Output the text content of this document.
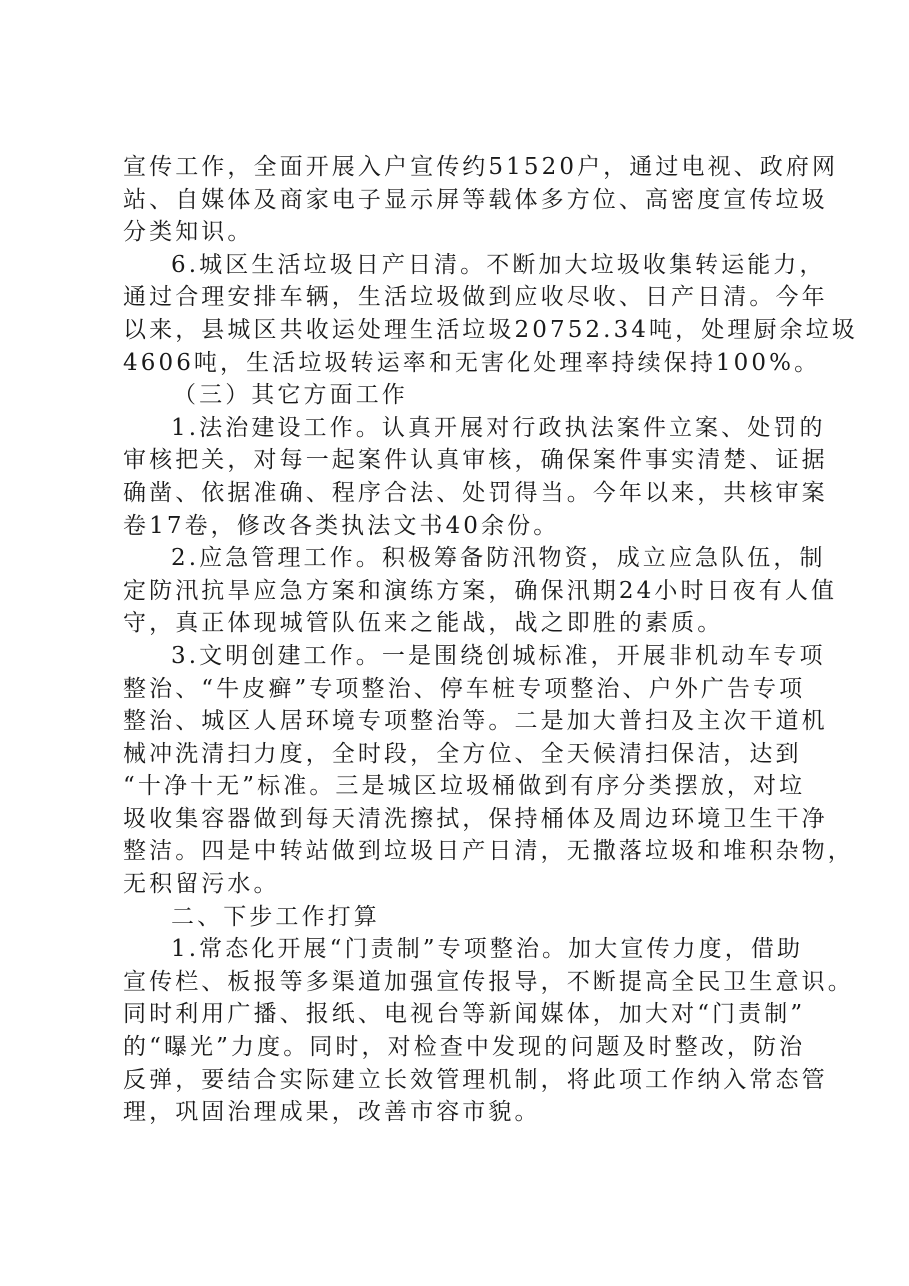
宣传工作，全面开展入户宣传约51520户，通过电视、政府网
站、自媒体及商家电子显示屏等载体多方位、高密度宣传垃圾
分类知识。
6.城区生活垃圾日产日清。不断加大垃圾收集转运能力，
通过合理安排车辆，生活垃圾做到应收尽收、日产日清。今年
以来，县城区共收运处理生活垃圾20752.34吨，处理厨余垃圾
4606吨，生活垃圾转运率和无害化处理率持续保持100%。
（三）其它方面工作
1.法治建设工作。认真开展对行政执法案件立案、处罚的
审核把关，对每一起案件认真审核，确保案件事实清楚、证据
确凿、依据准确、程序合法、处罚得当。今年以来，共核审案
卷17卷，修改各类执法文书40余份。
2.应急管理工作。积极筹备防汛物资，成立应急队伍，制
定防汛抗旱应急方案和演练方案，确保汛期24小时日夜有人值
守，真正体现城管队伍来之能战，战之即胜的素质。
3.文明创建工作。一是围绕创城标准，开展非机动车专项
整治、“牛皮癣”专项整治、停车桩专项整治、户外广告专项
整治、城区人居环境专项整治等。二是加大普扫及主次干道机
械冲洗清扫力度，全时段，全方位、全天候清扫保洁，达到
“十净十无”标准。三是城区垃圾桶做到有序分类摆放，对垃
圾收集容器做到每天清洗擦拭，保持桶体及周边环境卫生干净
整洁。四是中转站做到垃圾日产日清，无撒落垃圾和堆积杂物，
无积留污水。
二、下步工作打算
1.常态化开展“门责制”专项整治。加大宣传力度，借助
宣传栏、板报等多渠道加强宣传报导，不断提高全民卫生意识。
同时利用广播、报纸、电视台等新闻媒体，加大对“门责制”
的“曝光”力度。同时，对检查中发现的问题及时整改，防治
反弹，要结合实际建立长效管理机制，将此项工作纳入常态管
理，巩固治理成果，改善市容市貌。
